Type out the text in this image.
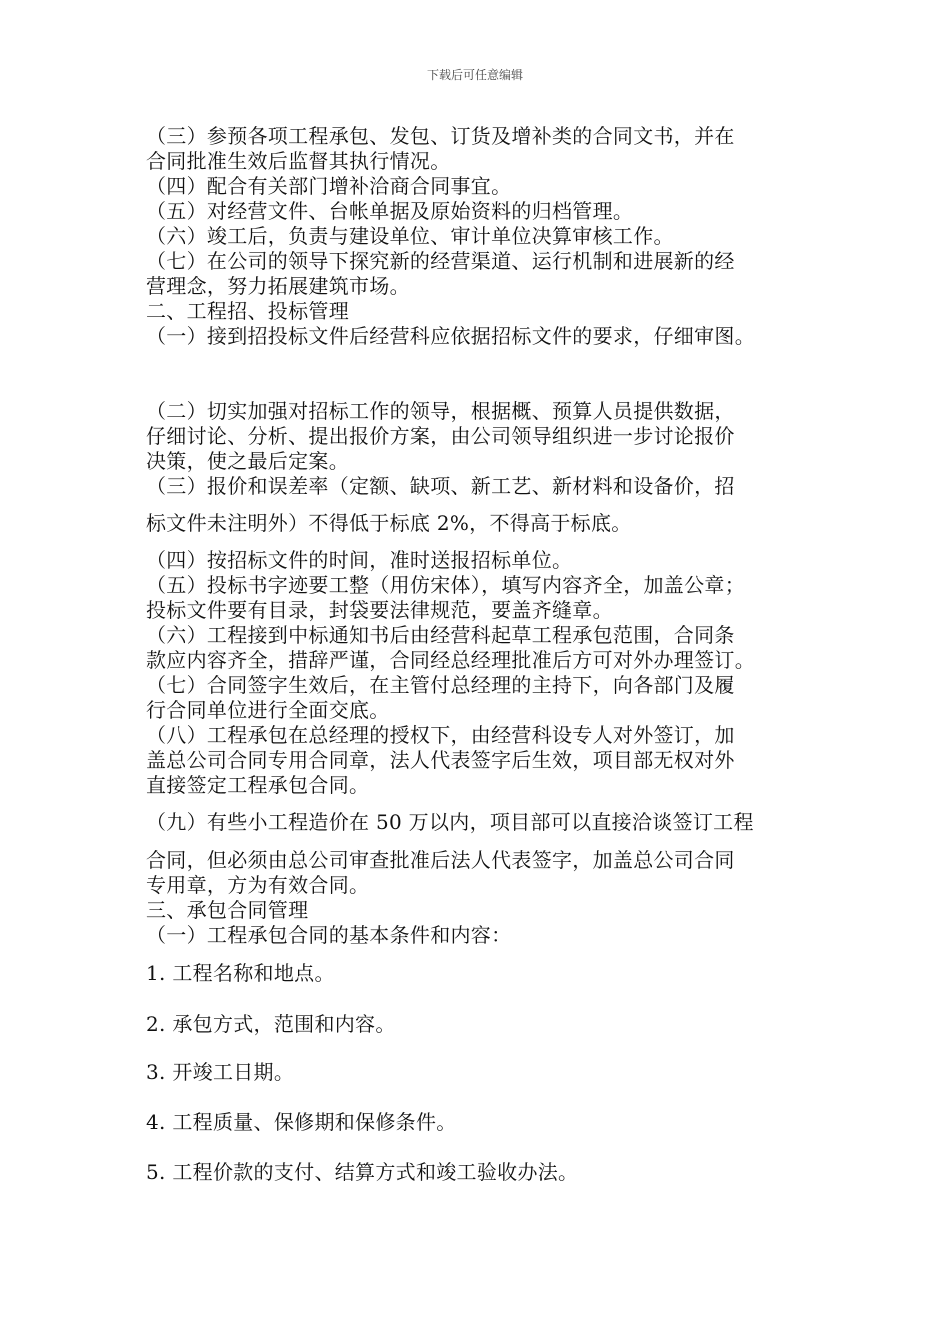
下载后可任意编辑
（三）参预各项工程承包、发包、订货及增补类的合同文书，并在
合同批准生效后监督其执行情况。
（四）配合有关部门增补洽商合同事宜。
（五）对经营文件、台帐单据及原始资料的归档管理。
（六）竣工后，负责与建设单位、审计单位决算审核工作。
（七）在公司的领导下探究新的经营渠道、运行机制和进展新的经
营理念，努力拓展建筑市场。
二、工程招、投标管理
（一）接到招投标文件后经营科应依据招标文件的要求，仔细审图。
（二）切实加强对招标工作的领导，根据概、预算人员提供数据，
仔细讨论、分析、提出报价方案，由公司领导组织进一步讨论报价
决策，使之最后定案。
（三）报价和误差率（定额、缺项、新工艺、新材料和设备价，招
标文件未注明外）不得低于标底 2%，不得高于标底。
（四）按招标文件的时间，准时送报招标单位。
（五）投标书字迹要工整（用仿宋体），填写内容齐全，加盖公章；
投标文件要有目录，封袋要法律规范，要盖齐缝章。
（六）工程接到中标通知书后由经营科起草工程承包范围，合同条
款应内容齐全，措辞严谨，合同经总经理批准后方可对外办理签订。
（七）合同签字生效后，在主管付总经理的主持下，向各部门及履
行合同单位进行全面交底。
（八）工程承包在总经理的授权下，由经营科设专人对外签订，加
盖总公司合同专用合同章，法人代表签字后生效，项目部无权对外
直接签定工程承包合同。
（九）有些小工程造价在 50 万以内，项目部可以直接洽谈签订工程
合同，但必须由总公司审查批准后法人代表签字，加盖总公司合同
专用章，方为有效合同。
三、承包合同管理
（一）工程承包合同的基本条件和内容：
1. 工程名称和地点。
2. 承包方式，范围和内容。
3. 开竣工日期。
4. 工程质量、保修期和保修条件。
5. 工程价款的支付、结算方式和竣工验收办法。
